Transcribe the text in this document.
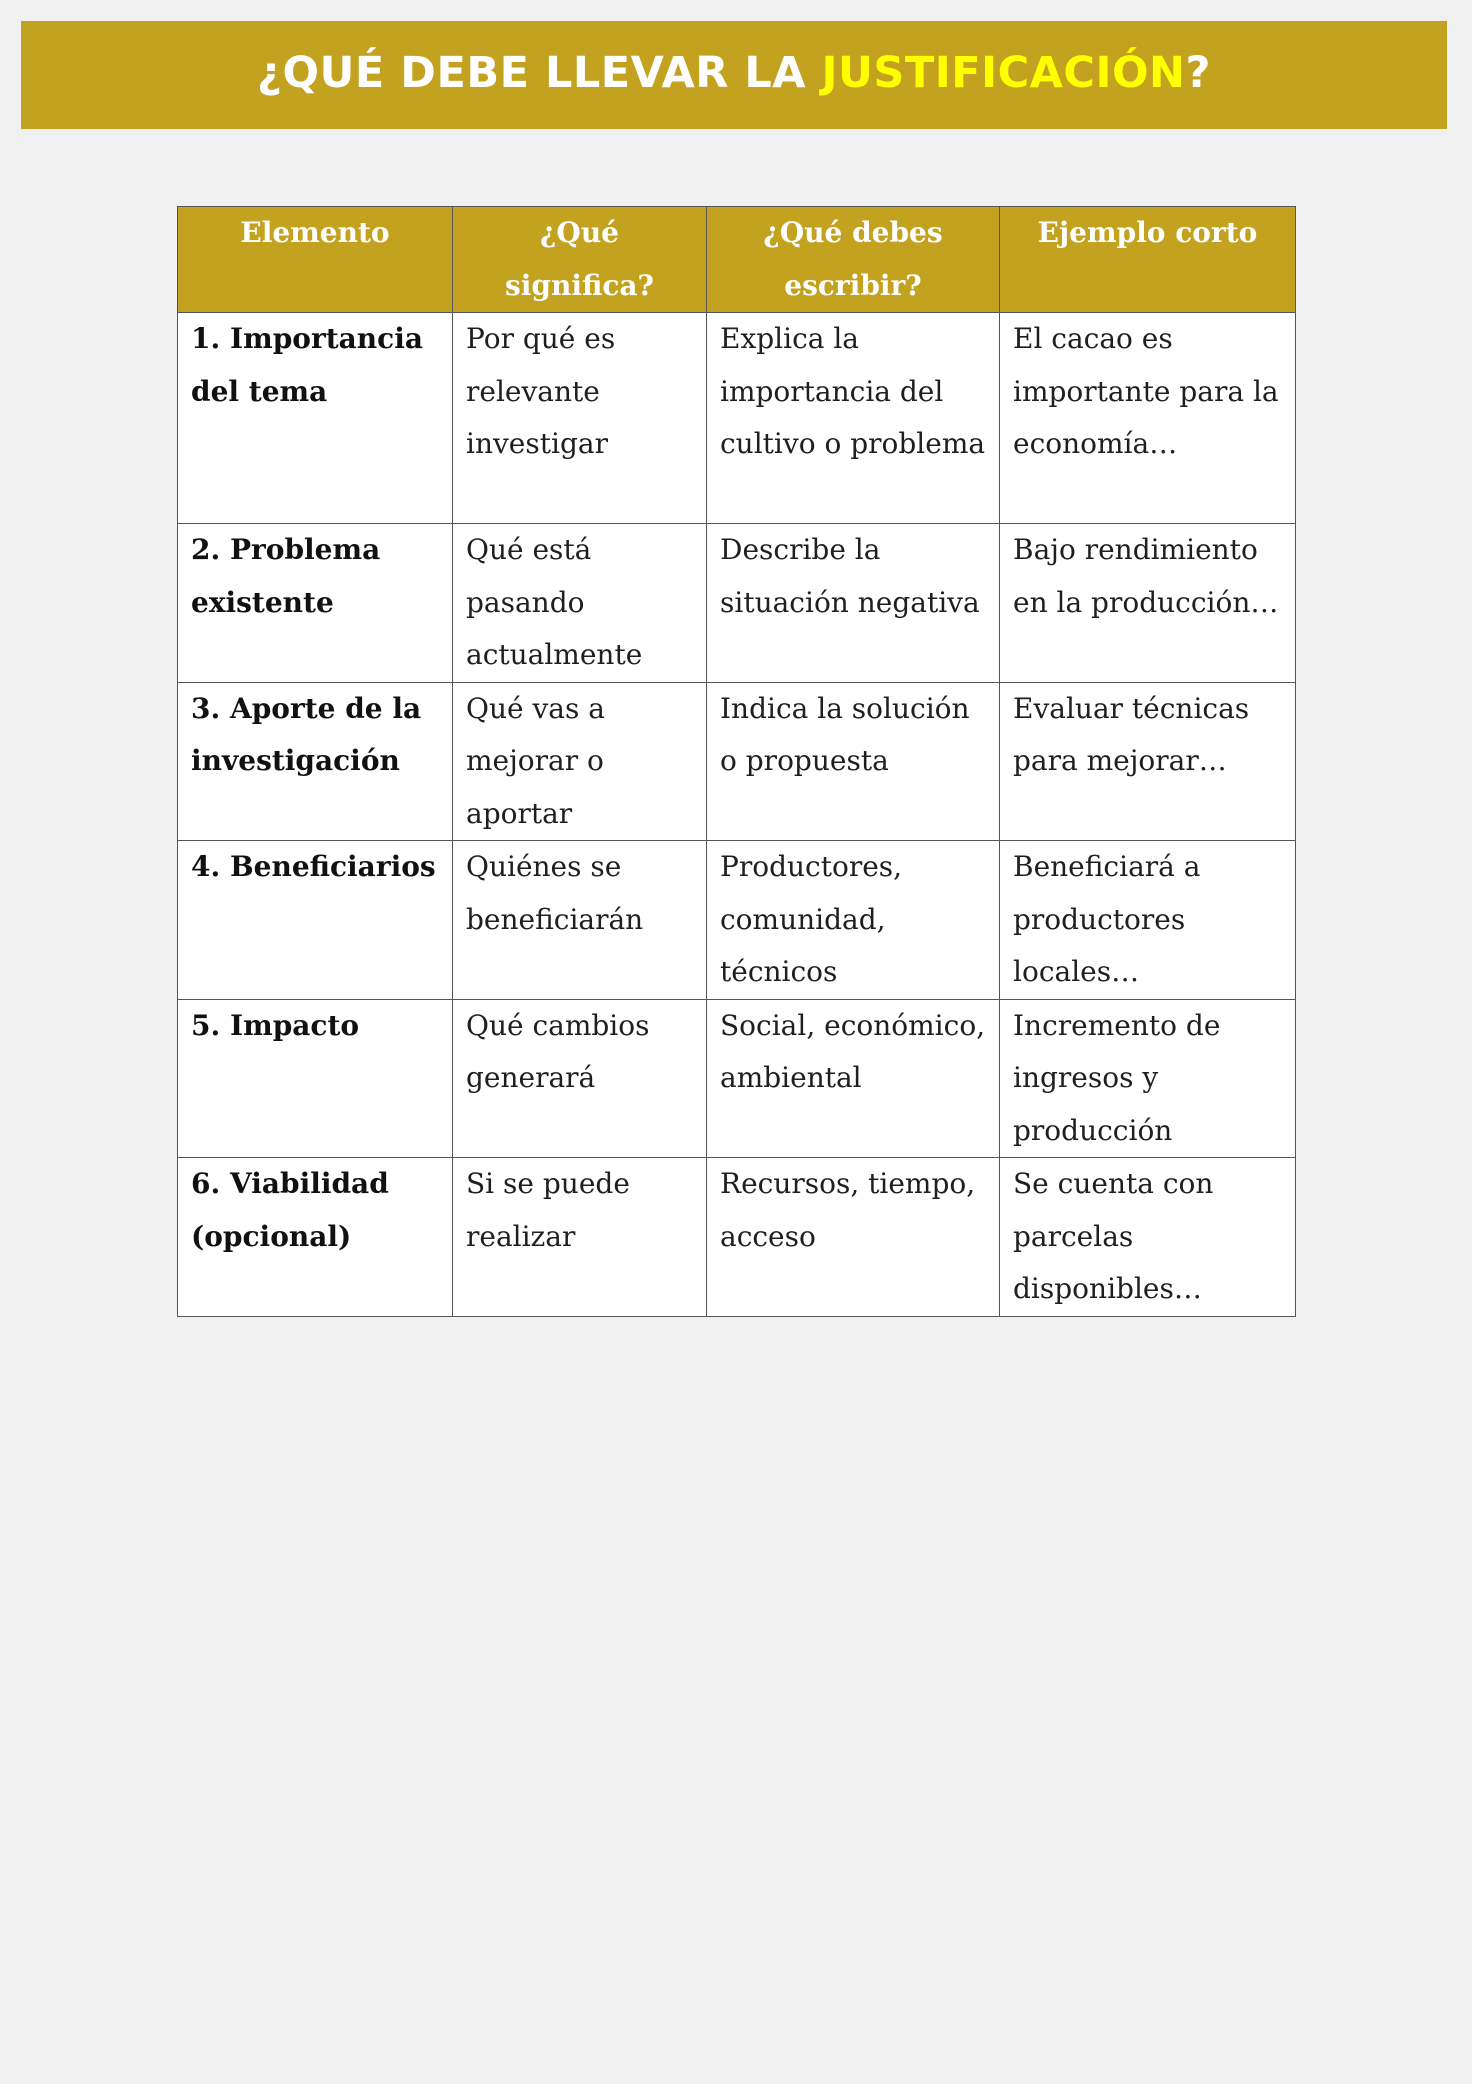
¿QUÉ DEBE LLEVAR LA JUSTIFICACIÓN?
Elemento	¿Qué significa?	¿Qué debes escribir?	Ejemplo corto
1. Importancia del tema	Por qué es relevante investigar	Explica la importancia del cultivo o problema	El cacao es importante para la economía…
2. Problema existente	Qué está pasando actualmente	Describe la situación negativa	Bajo rendimiento en la producción…
3. Aporte de la investigación	Qué vas a mejorar o aportar	Indica la solución o propuesta	Evaluar técnicas para mejorar…
4. Beneficiarios	Quiénes se beneficiarán	Productores, comunidad, técnicos	Beneficiará a productores locales…
5. Impacto	Qué cambios generará	Social, económico, ambiental	Incremento de ingresos y producción
6. Viabilidad (opcional)	Si se puede realizar	Recursos, tiempo, acceso	Se cuenta con parcelas disponibles…
